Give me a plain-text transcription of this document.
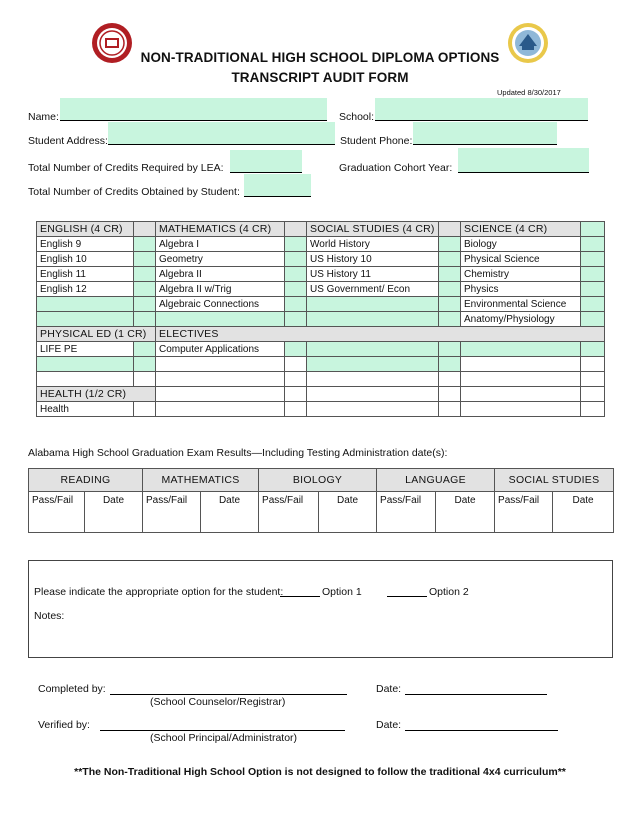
NON-TRADITIONAL HIGH SCHOOL DIPLOMA OPTIONS
TRANSCRIPT AUDIT FORM
Updated 8/30/2017
Name:	School:
Student Address:	Student Phone:
Total Number of Credits Required by LEA:	Graduation Cohort Year:
Total Number of Credits Obtained by Student:
ENGLISH (4 CR)		MATHEMATICS (4 CR)		SOCIAL STUDIES (4 CR)		SCIENCE (4 CR)	
English 9		Algebra I		World History		Biology	
English 10		Geometry		US History 10		Physical Science	
English 11		Algebra II		US History 11		Chemistry	
English 12		Algebra II w/Trig		US Government/ Econ		Physics	
		Algebraic Connections				Environmental Science	
						Anatomy/Physiology	
PHYSICAL ED (1 CR)		ELECTIVES					
LIFE PE		Computer Applications					

HEALTH (1/2 CR)							
Health							
Alabama High School Graduation Exam Results—Including Testing Administration date(s):
READING		MATHEMATICS		BIOLOGY		LANGUAGE		SOCIAL STUDIES	
Pass/Fail	Date	Pass/Fail	Date	Pass/Fail	Date	Pass/Fail	Date	Pass/Fail	Date
Please indicate the appropriate option for the student:	Option 1	Option 2
Notes:
Completed by:
(School Counselor/Registrar)
Date:
Verified by:
(School Principal/Administrator)
Date:
**The Non-Traditional High School Option is not designed to follow the traditional 4x4 curriculum**
